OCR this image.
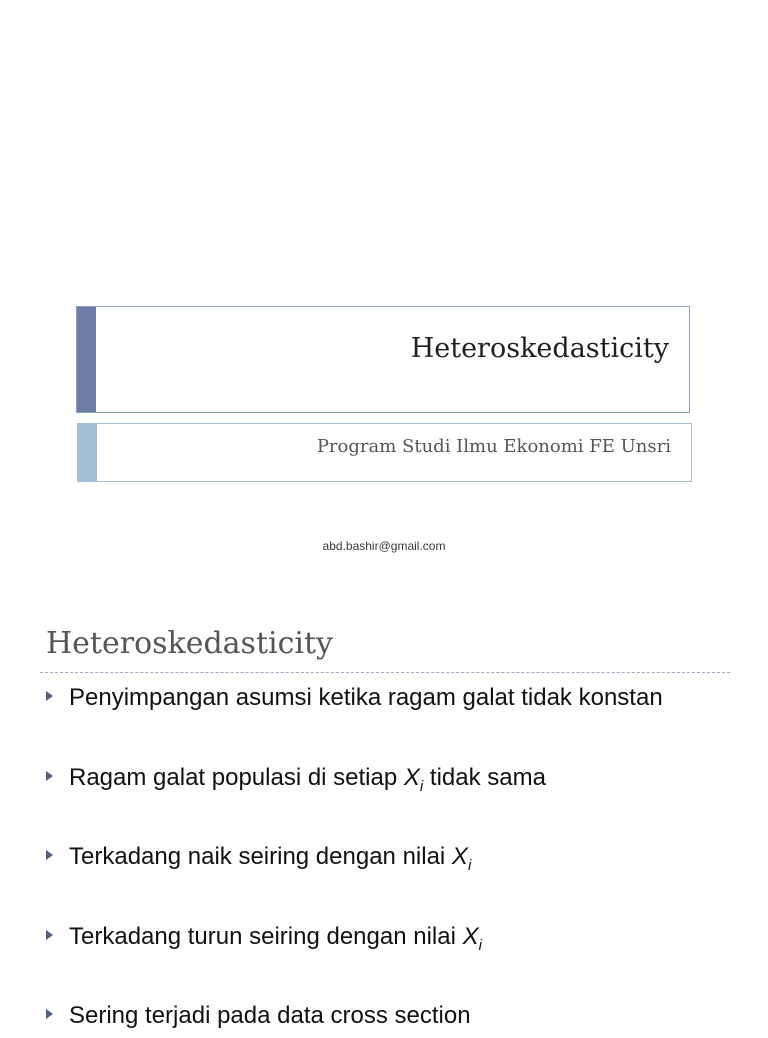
Heteroskedasticity
Program Studi Ilmu Ekonomi FE Unsri
abd.bashir@gmail.com
Heteroskedasticity
Penyimpangan asumsi ketika ragam galat tidak konstan
Ragam galat populasi di setiap $X_i$ tidak sama
Terkadang naik seiring dengan nilai $X_i$
Terkadang turun seiring dengan nilai $X_i$
Sering terjadi pada data cross section
